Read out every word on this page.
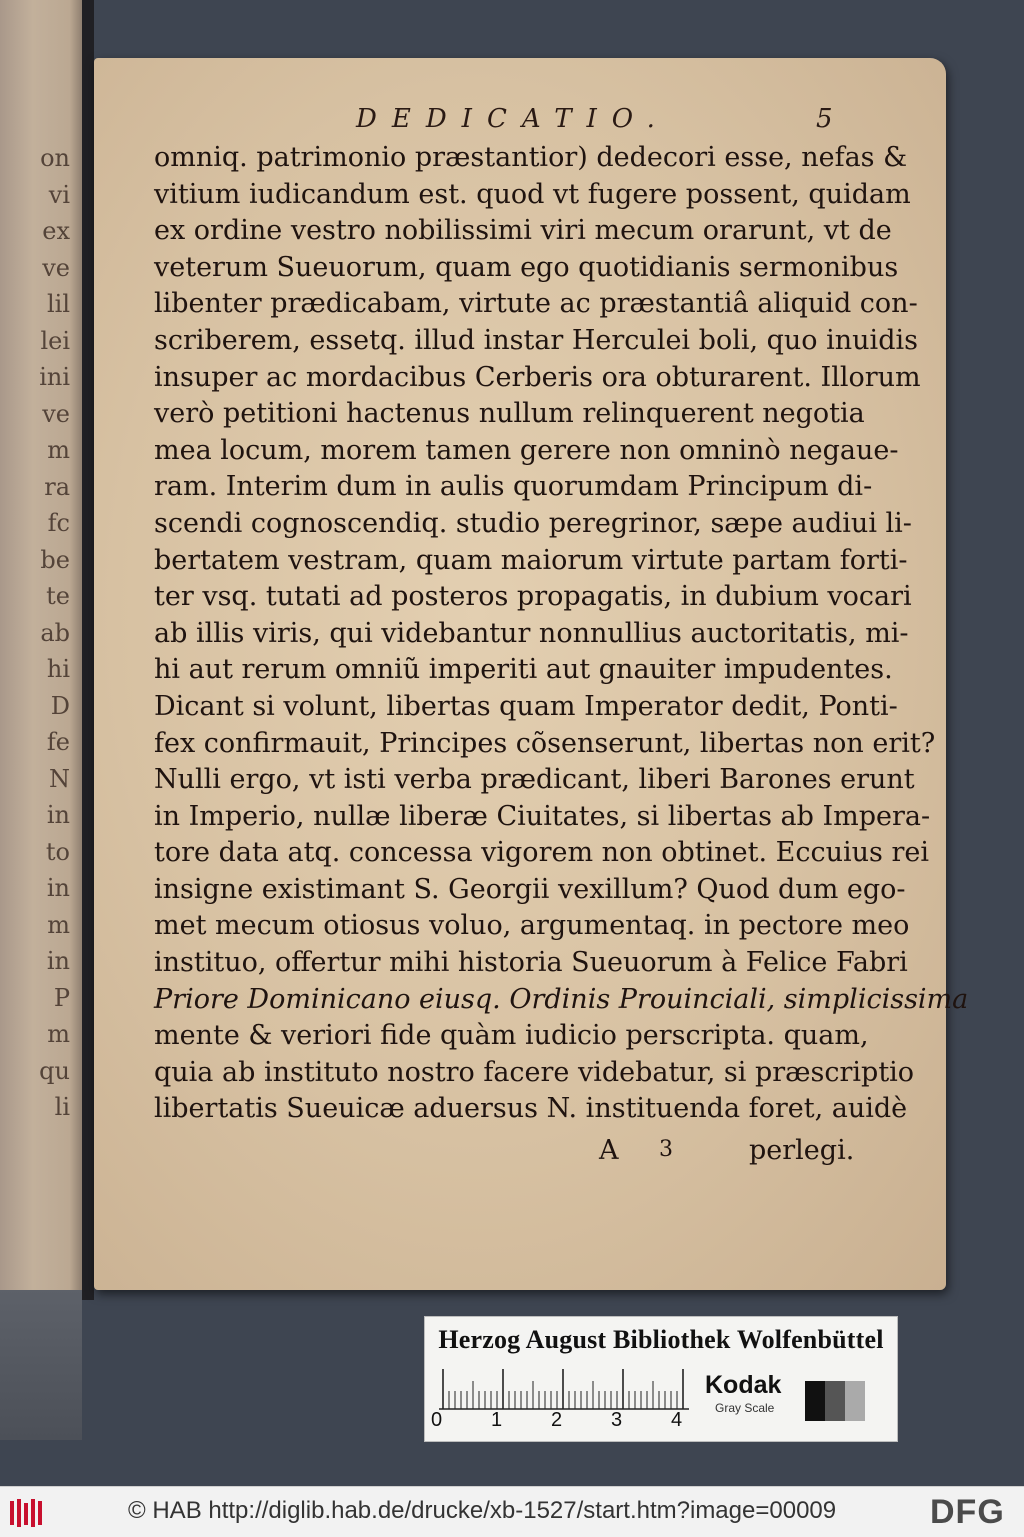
on
vi
ex
ve
lil
lei
ini
ve
m
ra
fc
be
te
ab
hi
D
fe
N
in
to
in
m
in
P
m
qu
li
DEDICATIO.	5
omniq. patrimonio præstantior) dedecori esse, nefas &
vitium iudicandum est. quod vt fugere possent, quidam
ex ordine vestro nobilissimi viri mecum orarunt, vt de
veterum Sueuorum, quam ego quotidianis sermonibus
libenter prædicabam, virtute ac præstantiâ aliquid con-
scriberem, essetq. illud instar Herculei boli, quo inuidis
insuper ac mordacibus Cerberis ora obturarent. Illorum
verò petitioni hactenus nullum relinquerent negotia
mea locum, morem tamen gerere non omninò negaue-
ram. Interim dum in aulis quorumdam Principum di-
scendi cognoscendiq. studio peregrinor, sæpe audiui li-
bertatem vestram, quam maiorum virtute partam forti-
ter vsq. tutati ad posteros propagatis, in dubium vocari
ab illis viris, qui videbantur nonnullius auctoritatis, mi-
hi aut rerum omniũ imperiti aut gnauiter impudentes.
Dicant si volunt, libertas quam Imperator dedit, Ponti-
fex confirmauit, Principes cõsenserunt, libertas non erit?
Nulli ergo, vt isti verba prædicant, liberi Barones erunt
in Imperio, nullæ liberæ Ciuitates, si libertas ab Impera-
tore data atq. concessa vigorem non obtinet. Eccuius rei
insigne existimant S. Georgii vexillum? Quod dum ego-
met mecum otiosus voluo, argumentaq. in pectore meo
instituo, offertur mihi historia Sueuorum à Felice Fabri
Priore Dominicano eiusq. Ordinis Prouinciali, simplicissima
mente & veriori fide quàm iudicio perscripta. quam,
quia ab instituto nostro facere videbatur, si præscriptio
libertatis Sueuicæ aduersus N. instituenda foret, auidè
A 3	perlegi.
Herzog August Bibliothek Wolfenbüttel
0 1 2 3 4
Kodak
Gray Scale
© HAB http://diglib.hab.de/drucke/xb-1527/start.htm?image=00009	DFG
